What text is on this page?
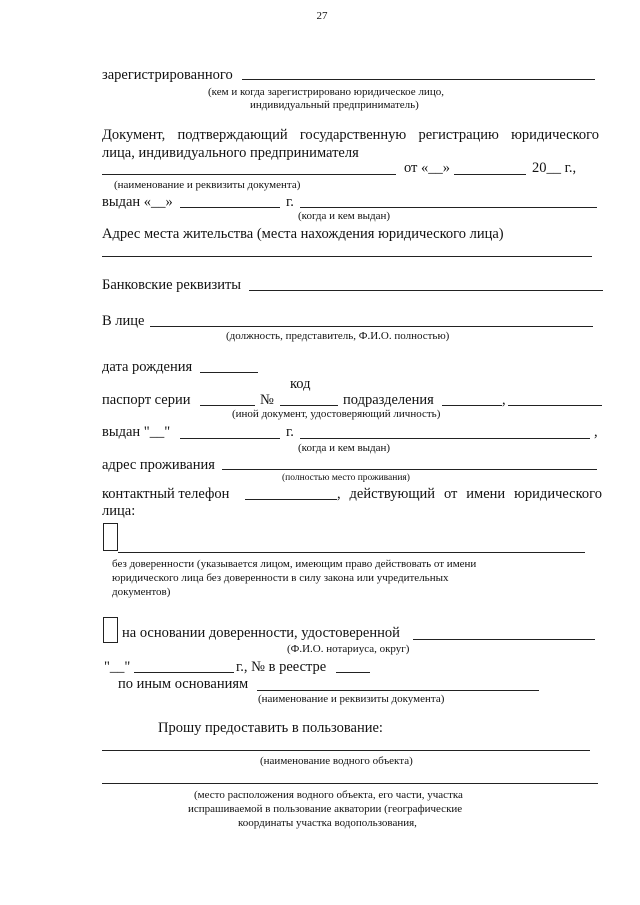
27
зарегистрированного
(кем и когда зарегистрировано юридическое лицо,
индивидуальный предприниматель)
Документ, подтверждающий государственную регистрацию юридического
лица, индивидуального предпринимателя
от «__»	20__ г.,
(наименование и реквизиты документа)
выдан «__»	г.
(когда и кем выдан)
Адрес места жительства (места нахождения юридического лица)
Банковские реквизиты
В лице
(должность, представитель, Ф.И.О. полностью)
дата рождения
код
паспорт серии	№	подразделения	,
(иной документ, удостоверяющий личность)
выдан "__"	г.	,
(когда и кем выдан)
адрес проживания
(полностью место проживания)
контактный телефон	, действующий от имени юридического
лица:
без доверенности (указывается лицом, имеющим право действовать от имени
юридического лица без доверенности в силу закона или учредительных
документов)
на основании доверенности, удостоверенной
(Ф.И.О. нотариуса, округ)
"__"	г., № в реестре
по иным основаниям
(наименование и реквизиты документа)
Прошу предоставить в пользование:
(наименование водного объекта)
(место расположения водного объекта, его части, участка
испрашиваемой в пользование акватории (географические
координаты участка водопользования,
